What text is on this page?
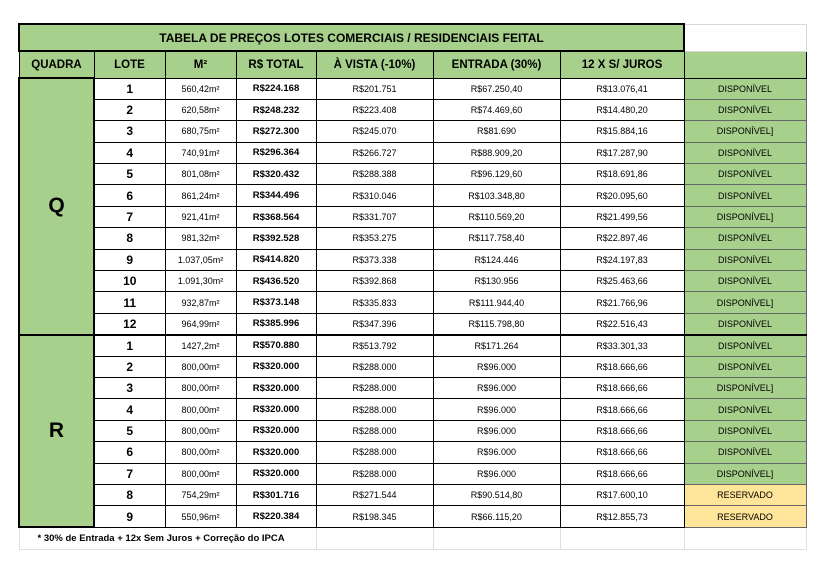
TABELA DE PREÇOS LOTES COMERCIAIS / RESIDENCIAIS FEITAL							
QUADRA	LOTE	M²	R$ TOTAL	À VISTA (-10%)	ENTRADA (30%)	12 X S/ JUROS	
Q	1	560,42m²	R$224.168	R$201.751	R$67.250,40	R$13.076,41	DISPONÍVEL
	2	620,58m²	R$248.232	R$223.408	R$74.469,60	R$14.480,20	DISPONÍVEL
	3	680,75m²	R$272.300	R$245.070	R$81.690	R$15.884,16	DISPONÍVEL]
	4	740,91m²	R$296.364	R$266.727	R$88.909,20	R$17.287,90	DISPONÍVEL
	5	801,08m²	R$320.432	R$288.388	R$96.129,60	R$18.691,86	DISPONÍVEL
	6	861,24m²	R$344.496	R$310.046	R$103.348,80	R$20.095,60	DISPONÍVEL
	7	921,41m²	R$368.564	R$331.707	R$110.569,20	R$21.499,56	DISPONÍVEL]
	8	981,32m²	R$392.528	R$353.275	R$117.758,40	R$22.897,46	DISPONÍVEL
	9	1.037,05m²	R$414.820	R$373.338	R$124.446	R$24.197,83	DISPONÍVEL
	10	1.091,30m²	R$436.520	R$392.868	R$130.956	R$25.463,66	DISPONÍVEL
	11	932,87m²	R$373.148	R$335.833	R$111.944,40	R$21.766,96	DISPONÍVEL]
	12	964,99m²	R$385.996	R$347.396	R$115.798,80	R$22.516,43	DISPONÍVEL
R	1	1427,2m²	R$570.880	R$513.792	R$171.264	R$33.301,33	DISPONÍVEL
	2	800,00m²	R$320.000	R$288.000	R$96.000	R$18.666,66	DISPONÍVEL
	3	800,00m²	R$320.000	R$288.000	R$96.000	R$18.666,66	DISPONÍVEL]
	4	800,00m²	R$320.000	R$288.000	R$96.000	R$18.666,66	DISPONÍVEL
	5	800,00m²	R$320.000	R$288.000	R$96.000	R$18.666,66	DISPONÍVEL
	6	800,00m²	R$320.000	R$288.000	R$96.000	R$18.666,66	DISPONÍVEL
	7	800,00m²	R$320.000	R$288.000	R$96.000	R$18.666,66	DISPONÍVEL]
	8	754,29m²	R$301.716	R$271.544	R$90.514,80	R$17.600,10	RESERVADO
	9	550,96m²	R$220.384	R$198.345	R$66.115,20	R$12.855,73	RESERVADO
* 30% de Entrada + 12x Sem Juros + Correção do IPCA							
